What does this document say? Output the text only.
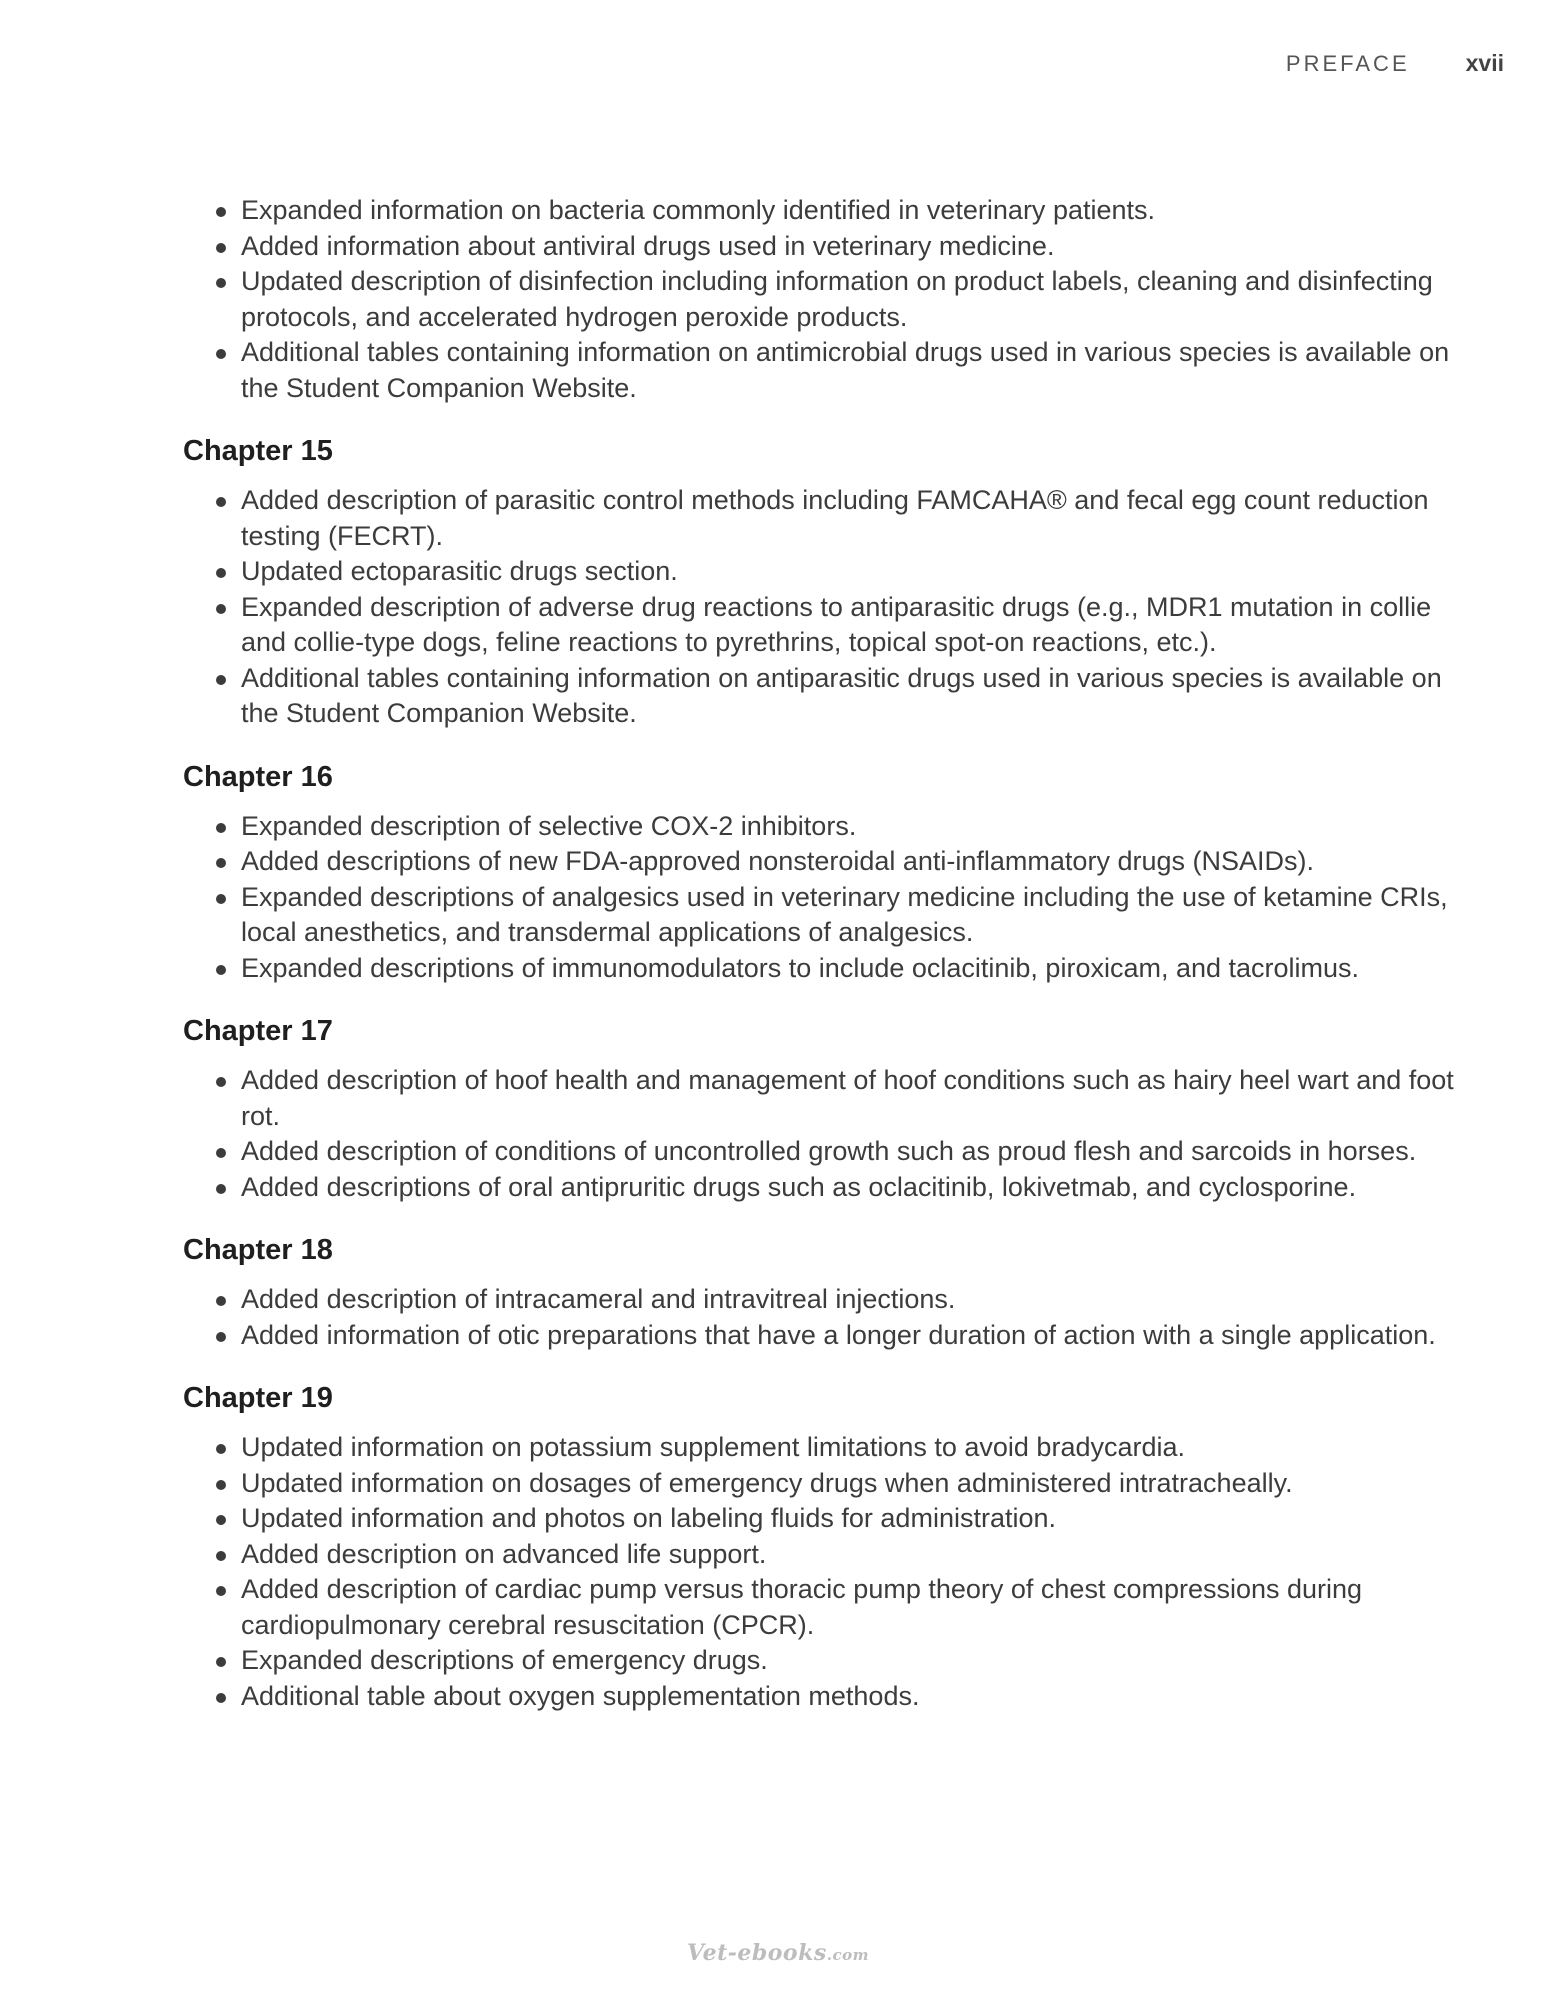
PREFACE xvii
Expanded information on bacteria commonly identified in veterinary patients.
Added information about antiviral drugs used in veterinary medicine.
Updated description of disinfection including information on product labels, cleaning and disinfecting protocols, and accelerated hydrogen peroxide products.
Additional tables containing information on antimicrobial drugs used in various species is available on the Student Companion Website.
Chapter 15
Added description of parasitic control methods including FAMCAHA® and fecal egg count reduction testing (FECRT).
Updated ectoparasitic drugs section.
Expanded description of adverse drug reactions to antiparasitic drugs (e.g., MDR1 mutation in collie and collie-type dogs, feline reactions to pyrethrins, topical spot-on reactions, etc.).
Additional tables containing information on antiparasitic drugs used in various species is available on the Student Companion Website.
Chapter 16
Expanded description of selective COX-2 inhibitors.
Added descriptions of new FDA-approved nonsteroidal anti-inflammatory drugs (NSAIDs).
Expanded descriptions of analgesics used in veterinary medicine including the use of ketamine CRIs, local anesthetics, and transdermal applications of analgesics.
Expanded descriptions of immunomodulators to include oclacitinib, piroxicam, and tacrolimus.
Chapter 17
Added description of hoof health and management of hoof conditions such as hairy heel wart and foot rot.
Added description of conditions of uncontrolled growth such as proud flesh and sarcoids in horses.
Added descriptions of oral antipruritic drugs such as oclacitinib, lokivetmab, and cyclosporine.
Chapter 18
Added description of intracameral and intravitreal injections.
Added information of otic preparations that have a longer duration of action with a single application.
Chapter 19
Updated information on potassium supplement limitations to avoid bradycardia.
Updated information on dosages of emergency drugs when administered intratracheally.
Updated information and photos on labeling fluids for administration.
Added description on advanced life support.
Added description of cardiac pump versus thoracic pump theory of chest compressions during cardiopulmonary cerebral resuscitation (CPCR).
Expanded descriptions of emergency drugs.
Additional table about oxygen supplementation methods.
Vet-ebooks.com
